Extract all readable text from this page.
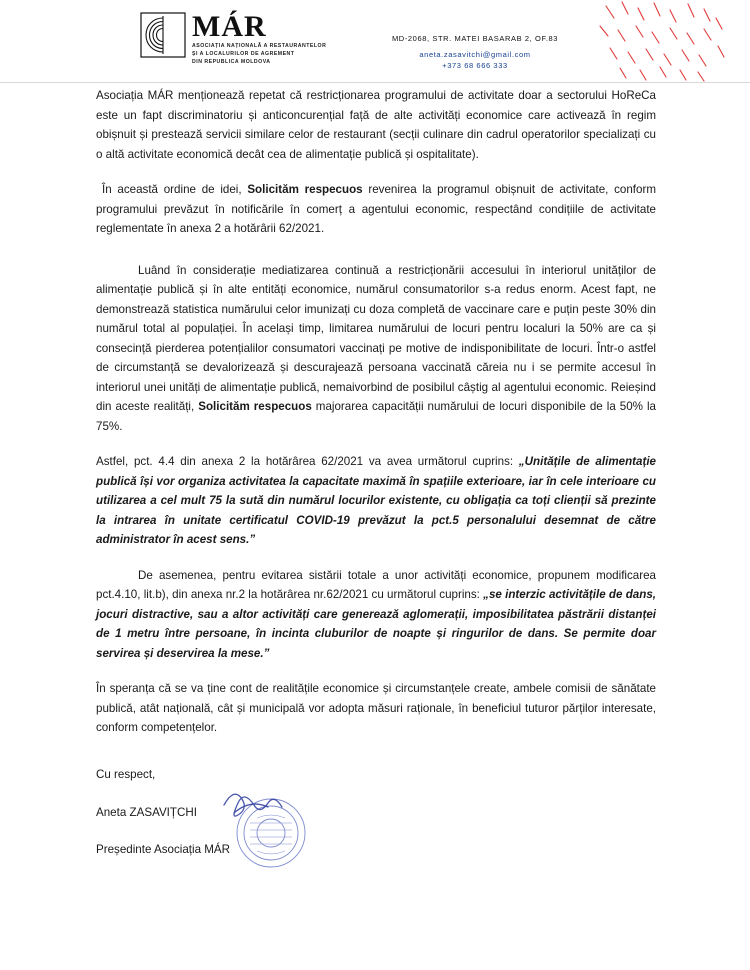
MÁR
ASOCIAȚIA NAȚIONALĂ A RESTAURANTELOR
ȘI A LOCALURILOR DE AGREMENT
DIN REPUBLICA MOLDOVA
MD-2068, STR. MATEI BASARAB 2, OF.83
aneta.zasavitchi@gmail.com
+373 68 666 333

Asociația MÁR menționează repetat că restricționarea programului de activitate doar a sectorului HoReCa este un fapt discriminatoriu și anticoncurențial față de alte activități economice care activează în regim obișnuit și prestează servicii similare celor de restaurant (secții culinare din cadrul operatorilor specializați cu o altă activitate economică decât cea de alimentație publică și ospitalitate).

În această ordine de idei, Solicităm respecuos revenirea la programul obișnuit de activitate, conform programului prevăzut în notificările în comerț a agentului economic, respectând condițiile de activitate reglementate în anexa 2 a hotărârii 62/2021.

Luând în considerație mediatizarea continuă a restricționării accesului în interiorul unităților de alimentație publică și în alte entități economice, numărul consumatorilor s-a redus enorm. Acest fapt, ne demonstrează statistica numărului celor imunizați cu doza completă de vaccinare care e puțin peste 30% din numărul total al populației. În același timp, limitarea numărului de locuri pentru localuri la 50% are ca și consecință pierderea potențialilor consumatori vaccinați pe motive de indisponibilitate de locuri. Într-o astfel de circumstanță se devalorizează și descurajează persoana vaccinată căreia nu i se permite accesul în interiorul unei unități de alimentație publică, nemaivorbind de posibilul câștig al agentului economic. Reieșind din aceste realități, Solicităm respecuos majorarea capacității numărului de locuri disponibile de la 50% la 75%.

Astfel, pct. 4.4 din anexa 2 la hotărârea 62/2021 va avea următorul cuprins: „Unitățile de alimentație publică își vor organiza activitatea la capacitate maximă în spațiile exterioare, iar în cele interioare cu utilizarea a cel mult 75 la sută din numărul locurilor existente, cu obligația ca toți clienții să prezinte la intrarea în unitate certificatul COVID-19 prevăzut la pct.5 personalului desemnat de către administrator în acest sens.”

De asemenea, pentru evitarea sistării totale a unor activități economice, propunem modificarea pct.4.10, lit.b), din anexa nr.2 la hotărârea nr.62/2021 cu următorul cuprins: „se interzic activitățile de dans, jocuri distractive, sau a altor activități care generează aglomerații, imposibilitatea păstrării distanței de 1 metru între persoane, în incinta cluburilor de noapte și ringurilor de dans. Se permite doar servirea și deservirea la mese.”

În speranța că se va ține cont de realitățile economice și circumstanțele create, ambele comisii de sănătate publică, atât națională, cât și municipală vor adopta măsuri raționale, în beneficiul tuturor părților interesate, conform competențelor.

Cu respect,
Aneta ZASAVIȚCHI
Președinte Asociația MÁR
